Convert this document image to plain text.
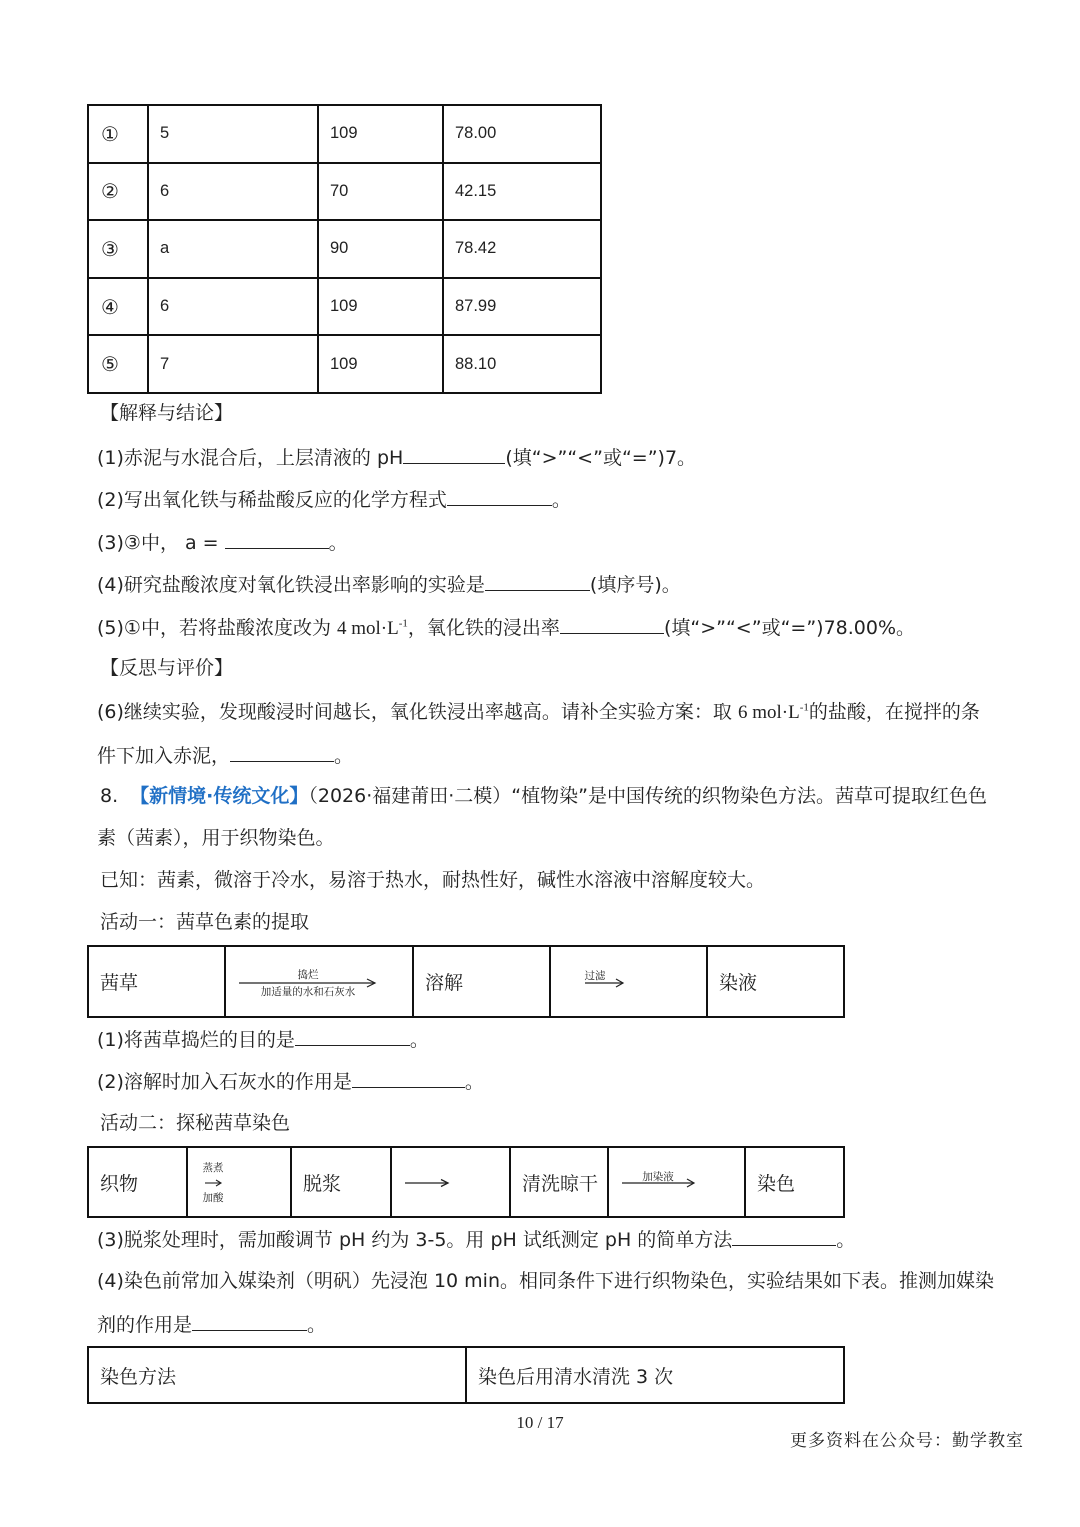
①	5	109	78.00
②	6	70	42.15
③	a	90	78.42
④	6	109	87.99
⑤	7	109	88.10
【解释与结论】
(1)赤泥与水混合后，上层清液的 pH	(填“>”“<”或“=”)7。
(2)写出氧化铁与稀盐酸反应的化学方程式	。
(3)③中， a =	。
(4)研究盐酸浓度对氧化铁浸出率影响的实验是	(填序号)。
(5)①中，若将盐酸浓度改为 4 $mol\cdot L^{-1}$，氧化铁的浸出率	(填“>”“<”或“=”)78.00%。
【反思与评价】
(6)继续实验，发现酸浸时间越长，氧化铁浸出率越高。请补全实验方案：取 6 $mol\cdot L^{-1}$的盐酸，在搅拌的条
件下加入赤泥，	。
8. 【新情境·传统文化】（2026·福建莆田·二模）“植物染”是中国传统的织物染色方法。茜草可提取红色色
素（茜素），用于织物染色。
已知：茜素，微溶于冷水，易溶于热水，耐热性好，碱性水溶液中溶解度较大。
活动一：茜草色素的提取
茜草	捣烂
加适量的水和石灰水	溶解	过滤	染液
(1)将茜草捣烂的目的是	。
(2)溶解时加入石灰水的作用是	。
活动二：探秘茜草染色
织物	
蒸煮
加酸
	脱浆		清洗晾干	加染液	染色
(3)脱浆处理时，需加酸调节 pH 约为 3-5。用 pH 试纸测定 pH 的简单方法	。
(4)染色前常加入媒染剂（明矾）先浸泡 10 min。相同条件下进行织物染色，实验结果如下表。推测加媒染
剂的作用是	。
染色方法	染色后用清水清洗 3 次
10 / 17
更多资料在公众号：勤学教室
